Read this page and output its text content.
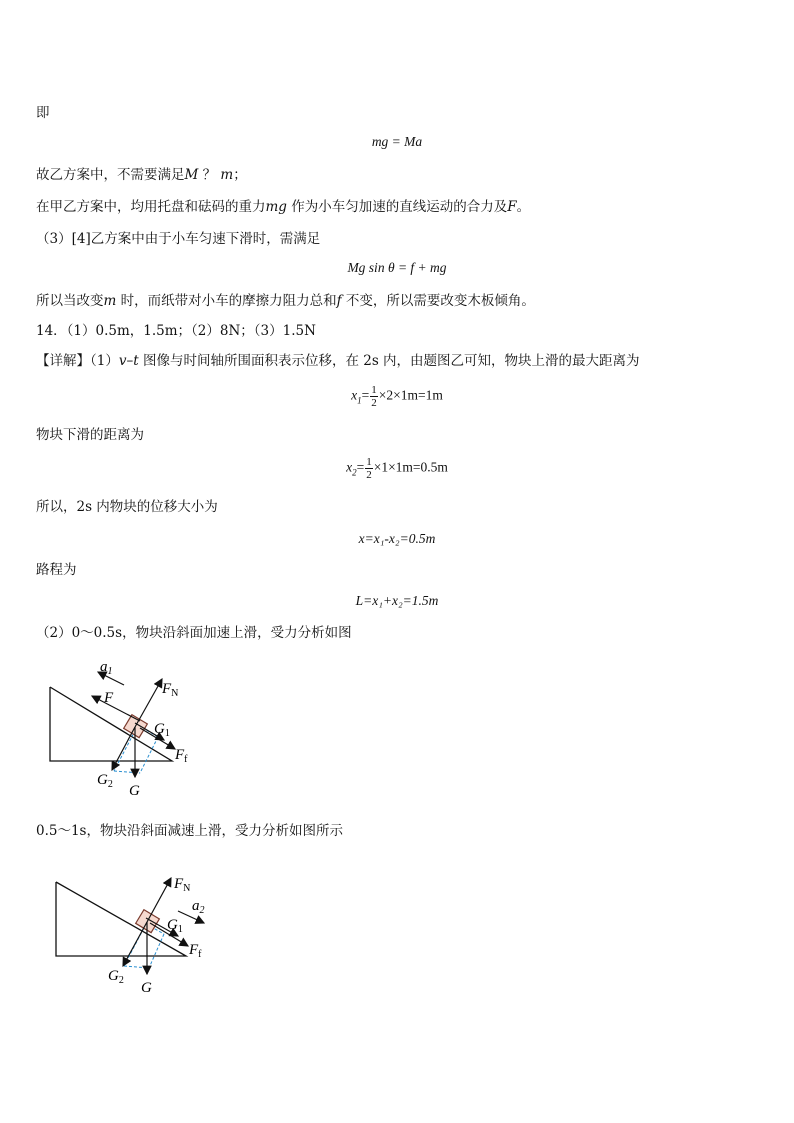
即
mg = Ma
故乙方案中，不需要满足M ？ m；
在甲乙方案中，均用托盘和砝码的重力mg 作为小车匀加速的直线运动的合力及F。
（3）[4]乙方案中由于小车匀速下滑时，需满足
Mg sin θ = f + mg
所以当改变m 时，而纸带对小车的摩擦力阻力总和f 不变，所以需要改变木板倾角。
14．（1）0.5m，1.5m；（2）8N；（3）1.5N
【详解】（1）v–t 图像与时间轴所围面积表示位移，在 2s 内，由题图乙可知，物块上滑的最大距离为
$x_1= \frac{1}{2} \times 2\times 1m=1m$
物块下滑的距离为
$x_2= \frac{1}{2} \times 1\times 1m=0.5m$
所以，2s 内物块的位移大小为
x=x₁-x₂=0.5m
路程为
L=x₁+x₂=1.5m
（2）0～0.5s，物块沿斜面加速上滑，受力分析如图
$a_1$
F
$F_N$
$G_1$
$F_f$
$G_2$ G
0.5～1s，物块沿斜面减速上滑，受力分析如图所示
$F_N$
$a_2$
$G_1$
$F_f$
$G_2$ G
